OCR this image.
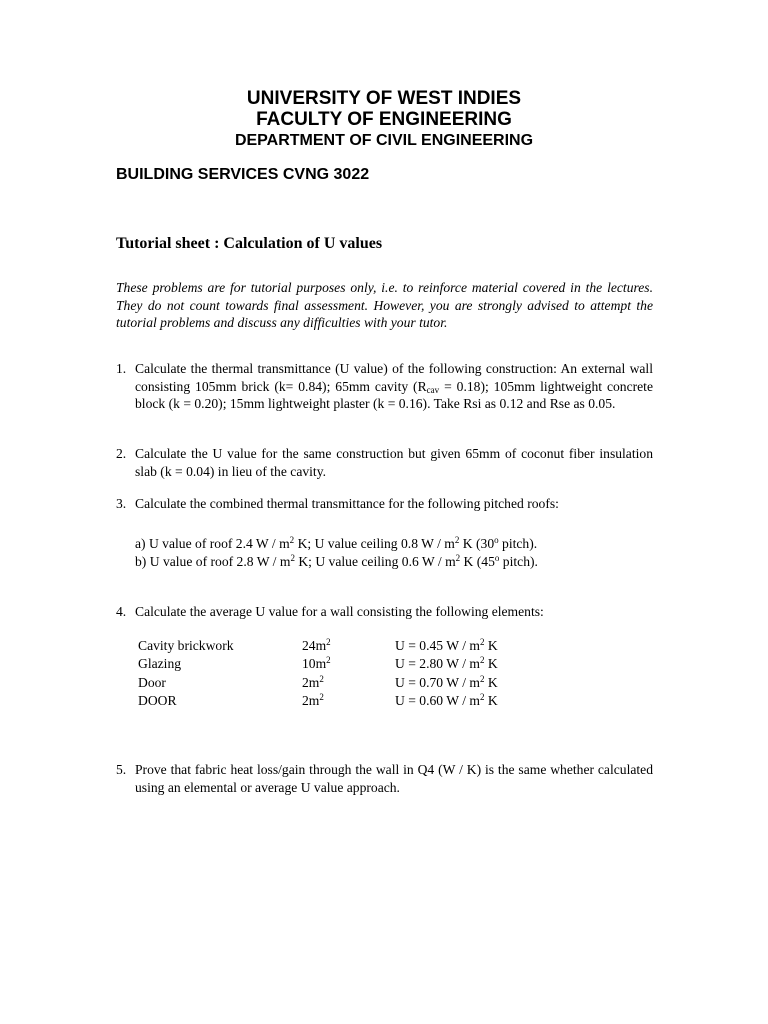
UNIVERSITY OF WEST INDIES
FACULTY OF ENGINEERING
DEPARTMENT OF CIVIL ENGINEERING
BUILDING SERVICES CVNG 3022
Tutorial sheet : Calculation of U values
These problems are for tutorial purposes only, i.e. to reinforce material covered in the lectures. They do not count towards final assessment. However, you are strongly advised to attempt the tutorial problems and discuss any difficulties with your tutor.
1. Calculate the thermal transmittance (U value) of the following construction: An external wall consisting 105mm brick (k= 0.84); 65mm cavity $(R_{cav} = 0.18)$; 105mm lightweight concrete block (k = 0.20); 15mm lightweight plaster (k = 0.16). Take Rsi as 0.12 and Rse as 0.05.
2. Calculate the U value for the same construction but given 65mm of coconut fiber insulation slab (k = 0.04) in lieu of the cavity.
3. Calculate the combined thermal transmittance for the following pitched roofs:
a) U value of roof 2.4 W / $m^2$ K; U value ceiling 0.8 W / $m^2$ K (30$^o$ pitch).
b) U value of roof 2.8 W / $m^2$ K; U value ceiling 0.6 W / $m^2$ K (45$^o$ pitch).
4. Calculate the average U value for a wall consisting the following elements:
Cavity brickwork	$24m^2$	U = 0.45 W / $m^2$ K
Glazing	$10m^2$	U = 2.80 W / $m^2$ K
Door	$2m^2$	U = 0.70 W / $m^2$ K
DOOR	$2m^2$	U = 0.60 W / $m^2$ K
5. Prove that fabric heat loss/gain through the wall in Q4 (W / K) is the same whether calculated using an elemental or average U value approach.
